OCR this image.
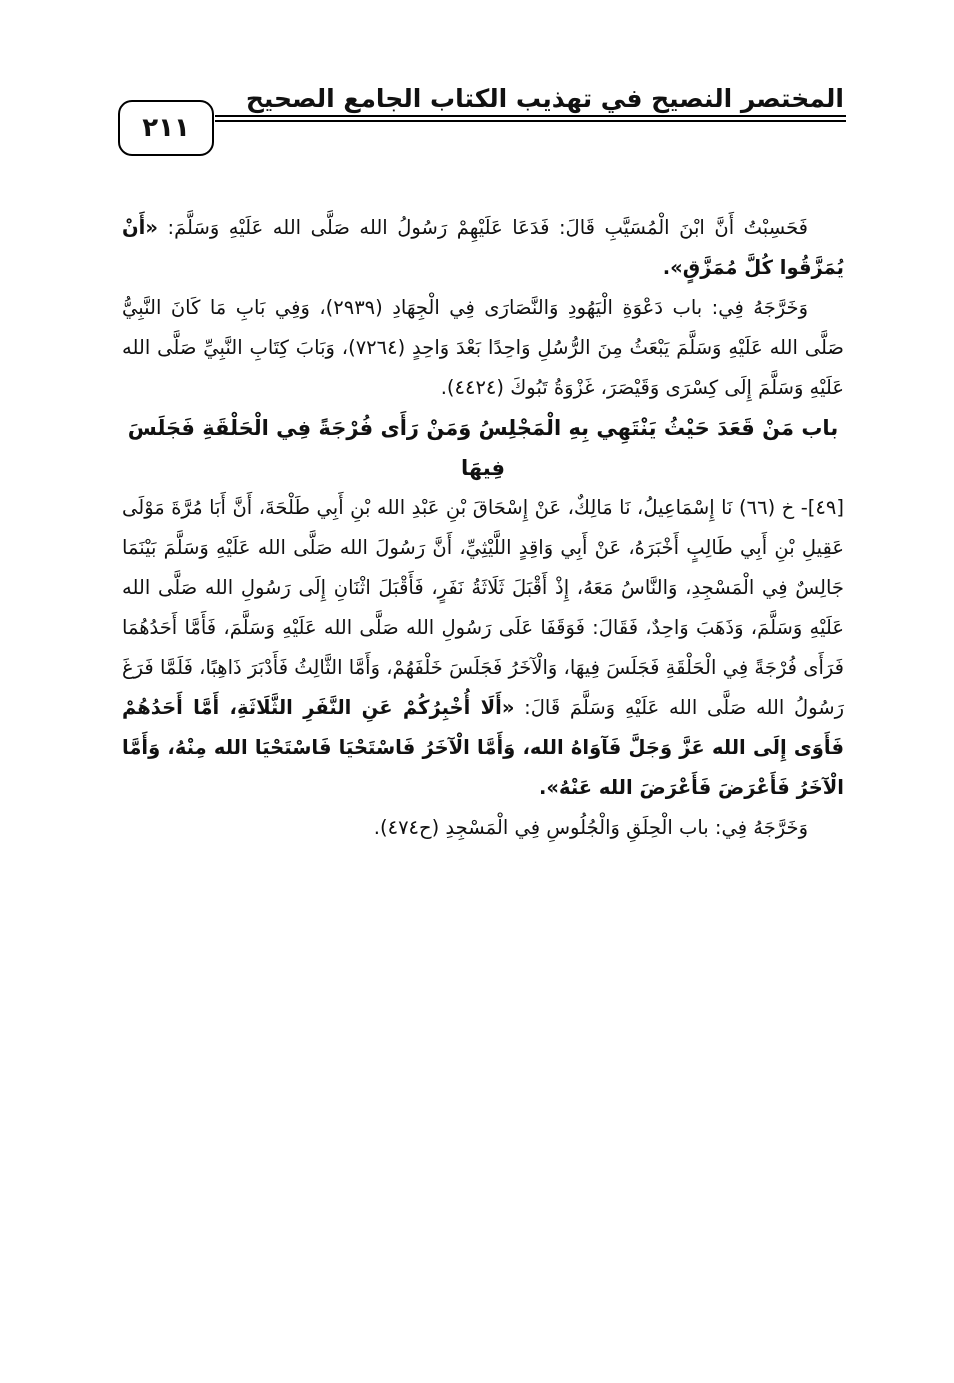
المختصر النصيح في تهذيب الكتاب الجامع الصحيح
٢١١

فَحَسِبْتُ أَنَّ ابْنَ الْمُسَيَّبِ قَالَ: فَدَعَا عَلَيْهِمْ رَسُولُ الله صَلَّى الله عَلَيْهِ وَسَلَّمَ: «أَنْ يُمَزَّقُوا كُلَّ مُمَزَّقٍ».

وَخَرَّجَهُ فِي: باب دَعْوَةِ الْيَهُودِ وَالنَّصَارَى فِي الْجِهَادِ (٢٩٣٩)، وَفِي بَابِ مَا كَانَ النَّبِيُّ صَلَّى الله عَلَيْهِ وَسَلَّمَ يَبْعَثُ مِنَ الرُّسُلِ وَاحِدًا بَعْدَ وَاحِدٍ (٧٢٦٤)، وَبَابَ كِتَابِ النَّبِيِّ صَلَّى الله عَلَيْهِ وَسَلَّمَ إِلَى كِسْرَى وَقَيْصَرَ، غَزْوَةُ تَبُوكَ (٤٤٢٤).

باب مَنْ قَعَدَ حَيْثُ يَنْتَهِي بِهِ الْمَجْلِسُ وَمَنْ رَأَى فُرْجَةً فِي الْحَلْقَةِ فَجَلَسَ فِيهَا

[٤٩]- خ (٦٦) نَا إِسْمَاعِيلُ، نَا مَالِكٌ، عَنْ إِسْحَاقَ بْنِ عَبْدِ الله بْنِ أَبِي طَلْحَةَ، أَنَّ أَبَا مُرَّةَ مَوْلَى عَقِيلِ بْنِ أَبِي طَالِبٍ أَخْبَرَهُ، عَنْ أَبِي وَاقِدٍ اللَّيْثِيِّ، أَنَّ رَسُولَ الله صَلَّى الله عَلَيْهِ وَسَلَّمَ بَيْنَمَا جَالِسٌ فِي الْمَسْجِدِ، وَالنَّاسُ مَعَهُ، إِذْ أَقْبَلَ ثَلَاثَةُ نَفَرٍ، فَأَقْبَلَ اثْنَانِ إِلَى رَسُولِ الله صَلَّى الله عَلَيْهِ وَسَلَّمَ، وَذَهَبَ وَاحِدٌ، فَقَالَ: فَوَقَفَا عَلَى رَسُولِ الله صَلَّى الله عَلَيْهِ وَسَلَّمَ، فَأَمَّا أَحَدُهُمَا فَرَأَى فُرْجَةً فِي الْحَلْقَةِ فَجَلَسَ فِيهَا، وَالْآخَرُ فَجَلَسَ خَلْفَهُمْ، وَأَمَّا الثَّالِثُ فَأَدْبَرَ ذَاهِبًا، فَلَمَّا فَرَغَ رَسُولُ الله صَلَّى الله عَلَيْهِ وَسَلَّمَ قَالَ: «أَلَا أُخْبِرُكُمْ عَنِ النَّفَرِ الثَّلَاثَةِ، أَمَّا أَحَدُهُمْ فَأَوَى إِلَى الله عَزَّ وَجَلَّ فَآوَاهُ الله، وَأَمَّا الْآخَرُ فَاسْتَحْيَا فَاسْتَحْيَا الله مِنْهُ، وَأَمَّا الْآخَرُ فَأَعْرَضَ فَأَعْرَضَ الله عَنْهُ».

وَخَرَّجَهُ فِي: باب الْحِلَقِ وَالْجُلُوسِ فِي الْمَسْجِدِ (ح٤٧٤).
